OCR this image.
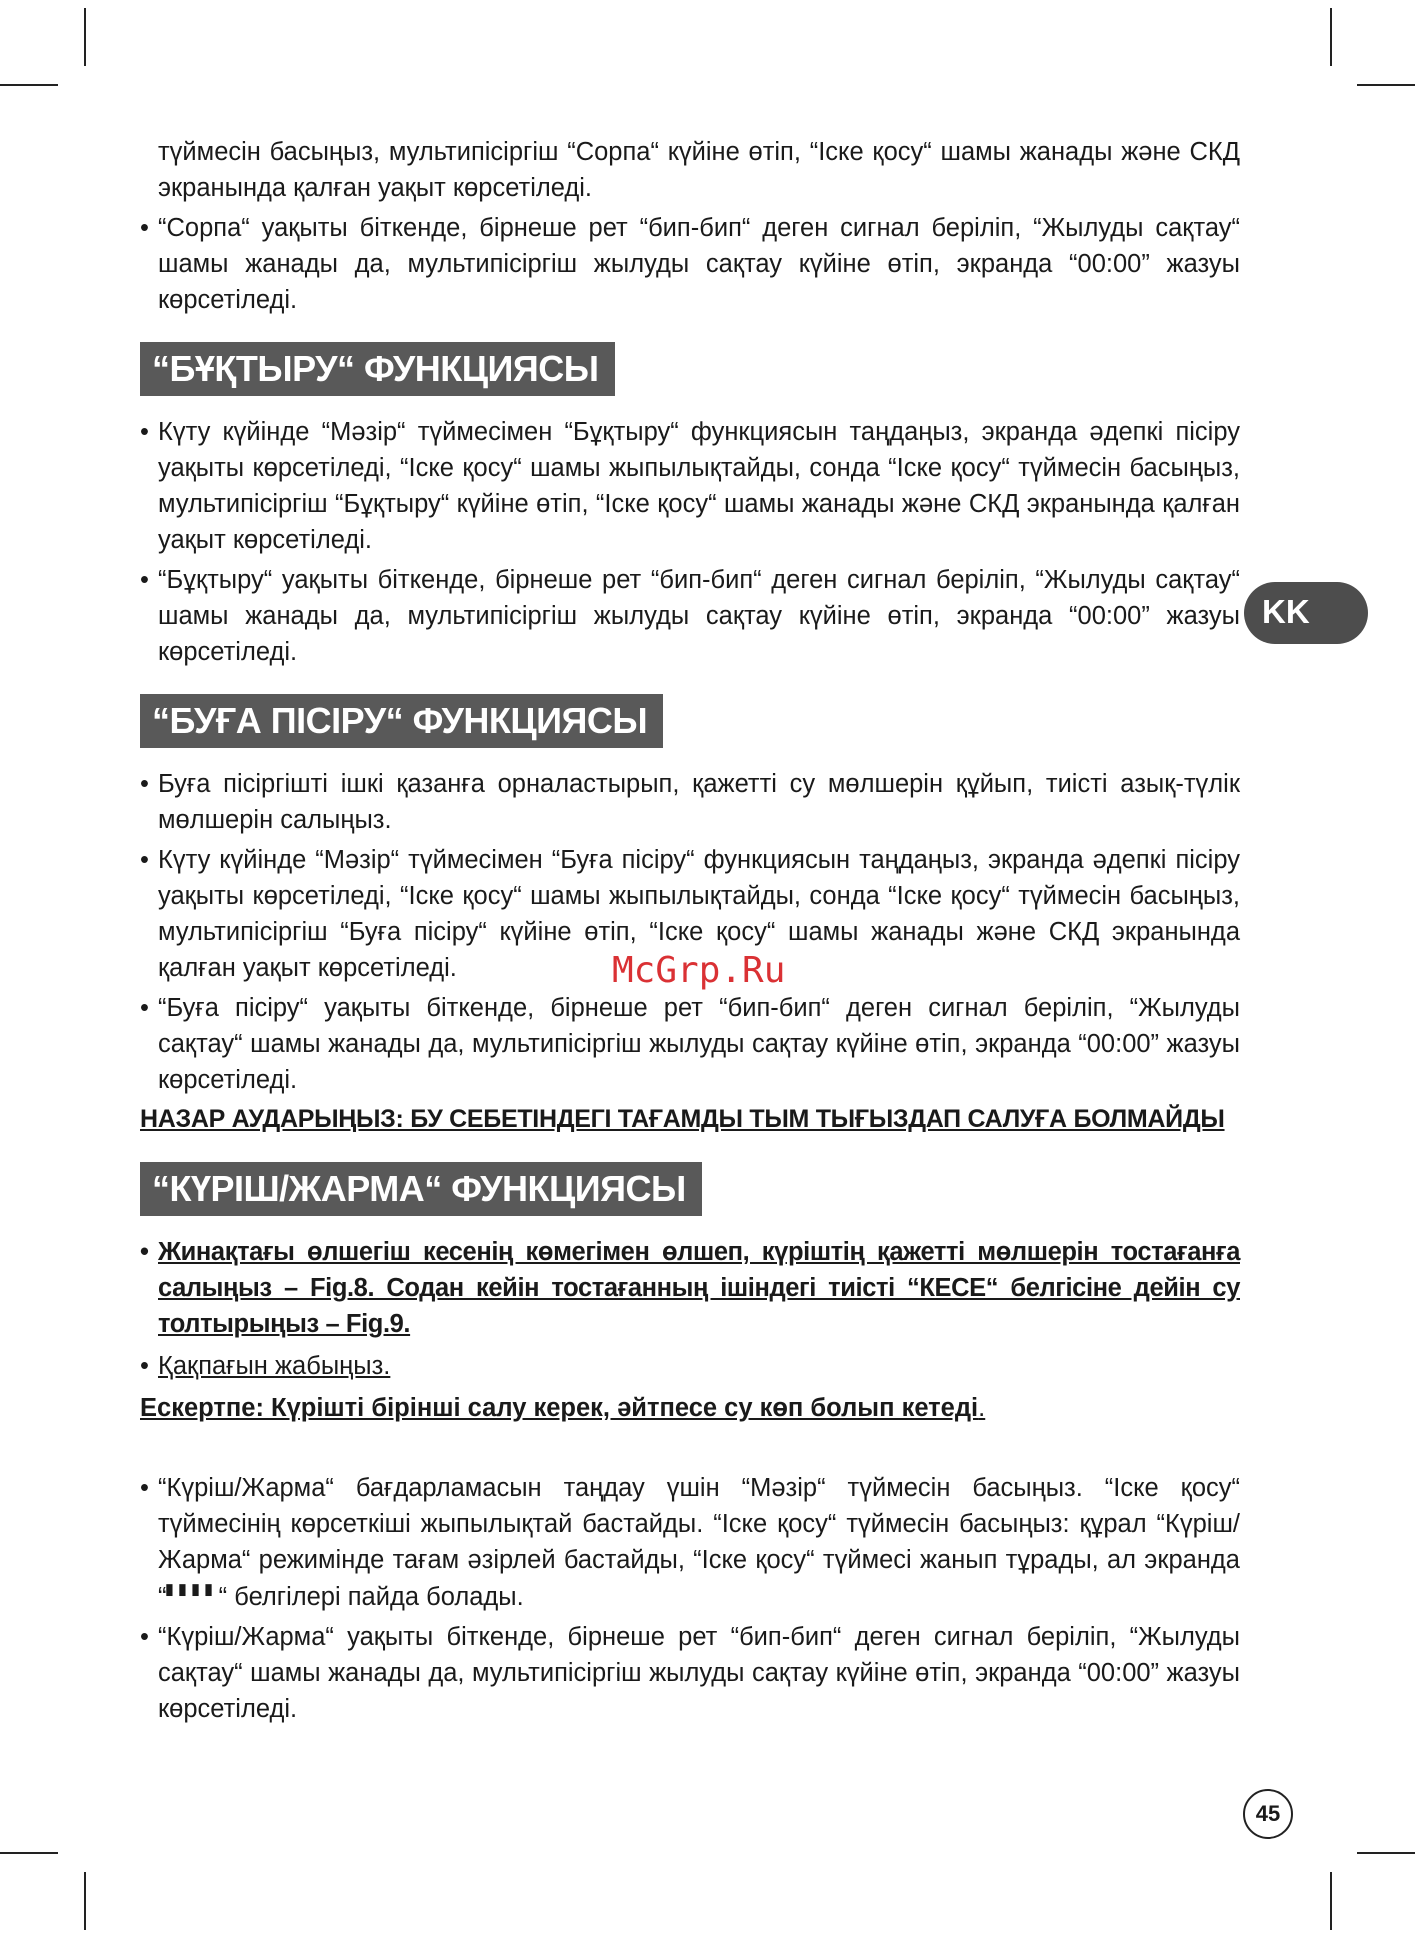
түймесін басыңыз, мультипісіргіш “Сорпа“ күйіне өтіп, “Іске қосу“ шамы жанады және СКД экранында қалған уақыт көрсетіледі.

• “Сорпа“ уақыты біткенде, бірнеше рет “бип-бип“ деген сигнал беріліп, “Жылуды сақтау“ шамы жанады да, мультипісіргіш жылуды сақтау күйіне өтіп, экранда “00:00” жазуы көрсетіледі.
“БҰҚТЫРУ“ ФУНКЦИЯСЫ
• Күту күйінде “Мәзір“ түймесімен “Бұқтыру“ функциясын таңдаңыз, экранда әдепкі пісіру уақыты көрсетіледі, “Іске қосу“ шамы жыпылықтайды, сонда “Іске қосу“ түймесін басыңыз, мультипісіргіш “Бұқтыру“ күйіне өтіп, “Іске қосу“ шамы жанады және СКД экранында қалған уақыт көрсетіледі.
• “Бұқтыру“ уақыты біткенде, бірнеше рет “бип-бип“ деген сигнал беріліп, “Жылуды сақтау“ шамы жанады да, мультипісіргіш жылуды сақтау күйіне өтіп, экранда “00:00” жазуы көрсетіледі.
“БУҒА ПІСІРУ“ ФУНКЦИЯСЫ
• Буға пісіргішті ішкі қазанға орналастырып, қажетті су мөлшерін құйып, тиісті азық-түлік мөлшерін салыңыз.
• Күту күйінде “Мәзір“ түймесімен “Буға пісіру“ функциясын таңдаңыз, экранда әдепкі пісіру уақыты көрсетіледі, “Іске қосу“ шамы жыпылықтайды, сонда “Іске қосу“ түймесін басыңыз, мультипісіргіш “Буға пісіру“ күйіне өтіп, “Іске қосу“ шамы жанады және СКД экранында қалған уақыт көрсетіледі.
• “Буға пісіру“ уақыты біткенде, бірнеше рет “бип-бип“ деген сигнал беріліп, “Жылуды сақтау“ шамы жанады да, мультипісіргіш жылуды сақтау күйіне өтіп, экранда “00:00” жазуы көрсетіледі.
НАЗАР АУДАРЫҢЫЗ: БУ СЕБЕТІНДЕГІ ТАҒАМДЫ ТЫМ ТЫҒЫЗДАП САЛУҒА БОЛМАЙДЫ
“КҮРІШ/ЖАРМА“ ФУНКЦИЯСЫ
• Жинақтағы өлшегіш кесенің көмегімен өлшеп, күріштің қажетті мөлшерін тостағанға салыңыз – Fig.8. Содан кейін тостағанның ішіндегі тиісті “КЕСЕ“ белгісіне дейін су толтырыңыз – Fig.9.
• Қақпағын жабыңыз.
Ескертпе: Күрішті бірінші салу керек, әйтпесе су көп болып кетеді.
• “Күріш/Жарма“ бағдарламасын таңдау үшін “Мәзір“ түймесін басыңыз. “Іске қосу“ түймесінің көрсеткіші жыпылықтай бастайды. “Іске қосу“ түймесін басыңыз: құрал “Күріш/Жарма“ режимінде тағам әзірлей бастайды, “Іске қосу“ түймесі жанып тұрады, ал экранда “▘▘▘▘“ белгілері пайда болады.
• “Күріш/Жарма“ уақыты біткенде, бірнеше рет “бип-бип“ деген сигнал беріліп, “Жылуды сақтау“ шамы жанады да, мультипісіргіш жылуды сақтау күйіне өтіп, экранда “00:00” жазуы көрсетіледі.
McGrp.Ru
KK
45
